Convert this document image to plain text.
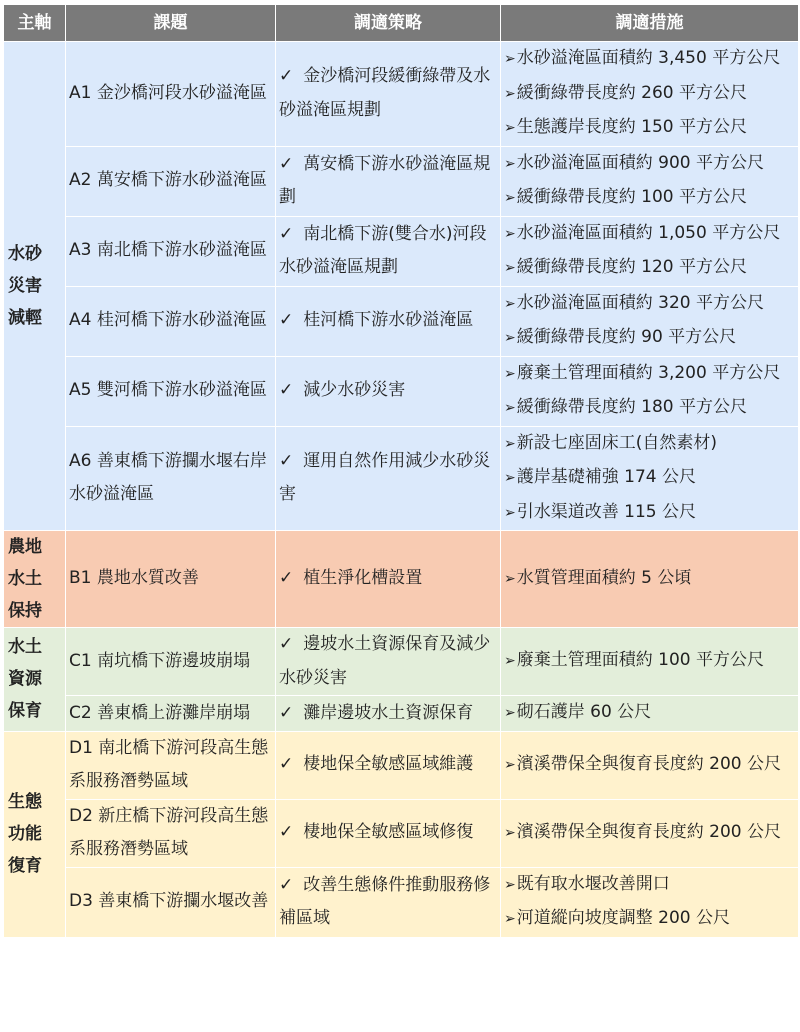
主軸	課題	調適策略	調適措施

水砂
災害
減輕	A1 金沙橋河段水砂溢淹區	✓ 金沙橋河段緩衝綠帶及水砂溢淹區規劃	➢水砂溢淹區面積約 3,450 平方公尺
➢緩衝綠帶長度約 260 平方公尺
➢生態護岸長度約 150 平方公尺

	A2 萬安橋下游水砂溢淹區	✓ 萬安橋下游水砂溢淹區規劃	➢水砂溢淹區面積約 900 平方公尺
➢緩衝綠帶長度約 100 平方公尺

	A3 南北橋下游水砂溢淹區	✓ 南北橋下游(雙合水)河段水砂溢淹區規劃	➢水砂溢淹區面積約 1,050 平方公尺
➢緩衝綠帶長度約 120 平方公尺

	A4 桂河橋下游水砂溢淹區	✓ 桂河橋下游水砂溢淹區	➢水砂溢淹區面積約 320 平方公尺
➢緩衝綠帶長度約 90 平方公尺

	A5 雙河橋下游水砂溢淹區	✓ 減少水砂災害	➢廢棄土管理面積約 3,200 平方公尺
➢緩衝綠帶長度約 180 平方公尺

	A6 善東橋下游攔水堰右岸水砂溢淹區	✓ 運用自然作用減少水砂災害	➢新設七座固床工(自然素材)
➢護岸基礎補強 174 公尺
➢引水渠道改善 115 公尺

農地
水土
保持	B1 農地水質改善	✓ 植生淨化槽設置	➢水質管理面積約 5 公頃

水土
資源
保育	C1 南坑橋下游邊坡崩塌	✓ 邊坡水土資源保育及減少水砂災害	➢廢棄土管理面積約 100 平方公尺

	C2 善東橋上游灘岸崩塌	✓ 灘岸邊坡水土資源保育	➢砌石護岸 60 公尺

生態
功能
復育	D1 南北橋下游河段高生態系服務潛勢區域	✓ 棲地保全敏感區域維護	➢濱溪帶保全與復育長度約 200 公尺

	D2 新庄橋下游河段高生態系服務潛勢區域	✓ 棲地保全敏感區域修復	➢濱溪帶保全與復育長度約 200 公尺

	D3 善東橋下游攔水堰改善	✓ 改善生態條件推動服務修補區域	➢既有取水堰改善開口
➢河道縱向坡度調整 200 公尺
